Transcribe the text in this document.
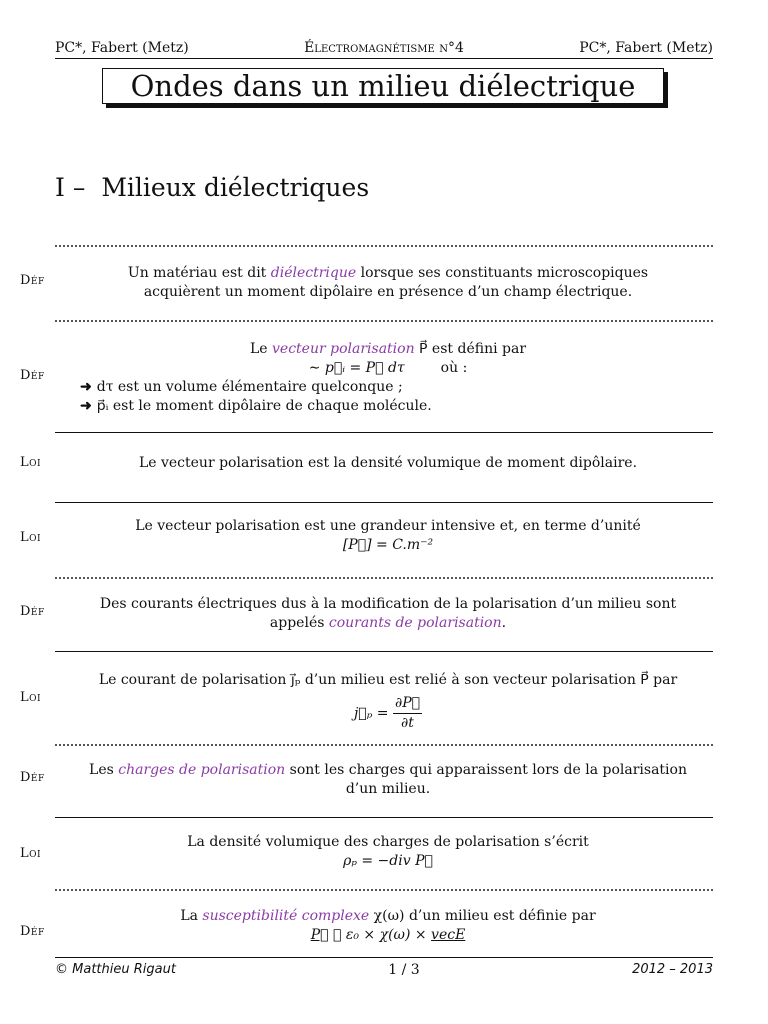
PC*, Fabert (Metz)	Électromagnétisme n°4	PC*, Fabert (Metz)
Ondes dans un milieu diélectrique
I – Milieux diélectriques
Déf	Un matériau est dit diélectrique lorsque ses constituants microscopiques acquièrent un moment dipôlaire en présence d’un champ électrique.
Déf
Le vecteur polarisation P⃗ est défini par
∼ p⃗ᵢ = P⃗ dτ	où :
➜ dτ est un volume élémentaire quelconque ;
➜ p⃗ᵢ est le moment dipôlaire de chaque molécule.
Loi	Le vecteur polarisation est la densité volumique de moment dipôlaire.
Loi
Le vecteur polarisation est une grandeur intensive et, en terme d’unité
[P⃗] = C.m⁻²
Déf	Des courants électriques dus à la modification de la polarisation d’un milieu sont appelés courants de polarisation.
Loi
Le courant de polarisation j⃗ₚ d’un milieu est relié à son vecteur polarisation P⃗ par
j⃗ₚ = $\frac{\partial P⃗}{\partial t}$
Déf	Les charges de polarisation sont les charges qui apparaissent lors de la polarisation d’un milieu.
Loi
La densité volumique des charges de polarisation s’écrit
ρₚ = −div P⃗
Déf
La susceptibilité complexe χ(ω) d’un milieu est définie par
P⃗ ≜ ε₀ × χ(ω) × vecE
© Matthieu Rigaut	1 / 3	2012 – 2013
